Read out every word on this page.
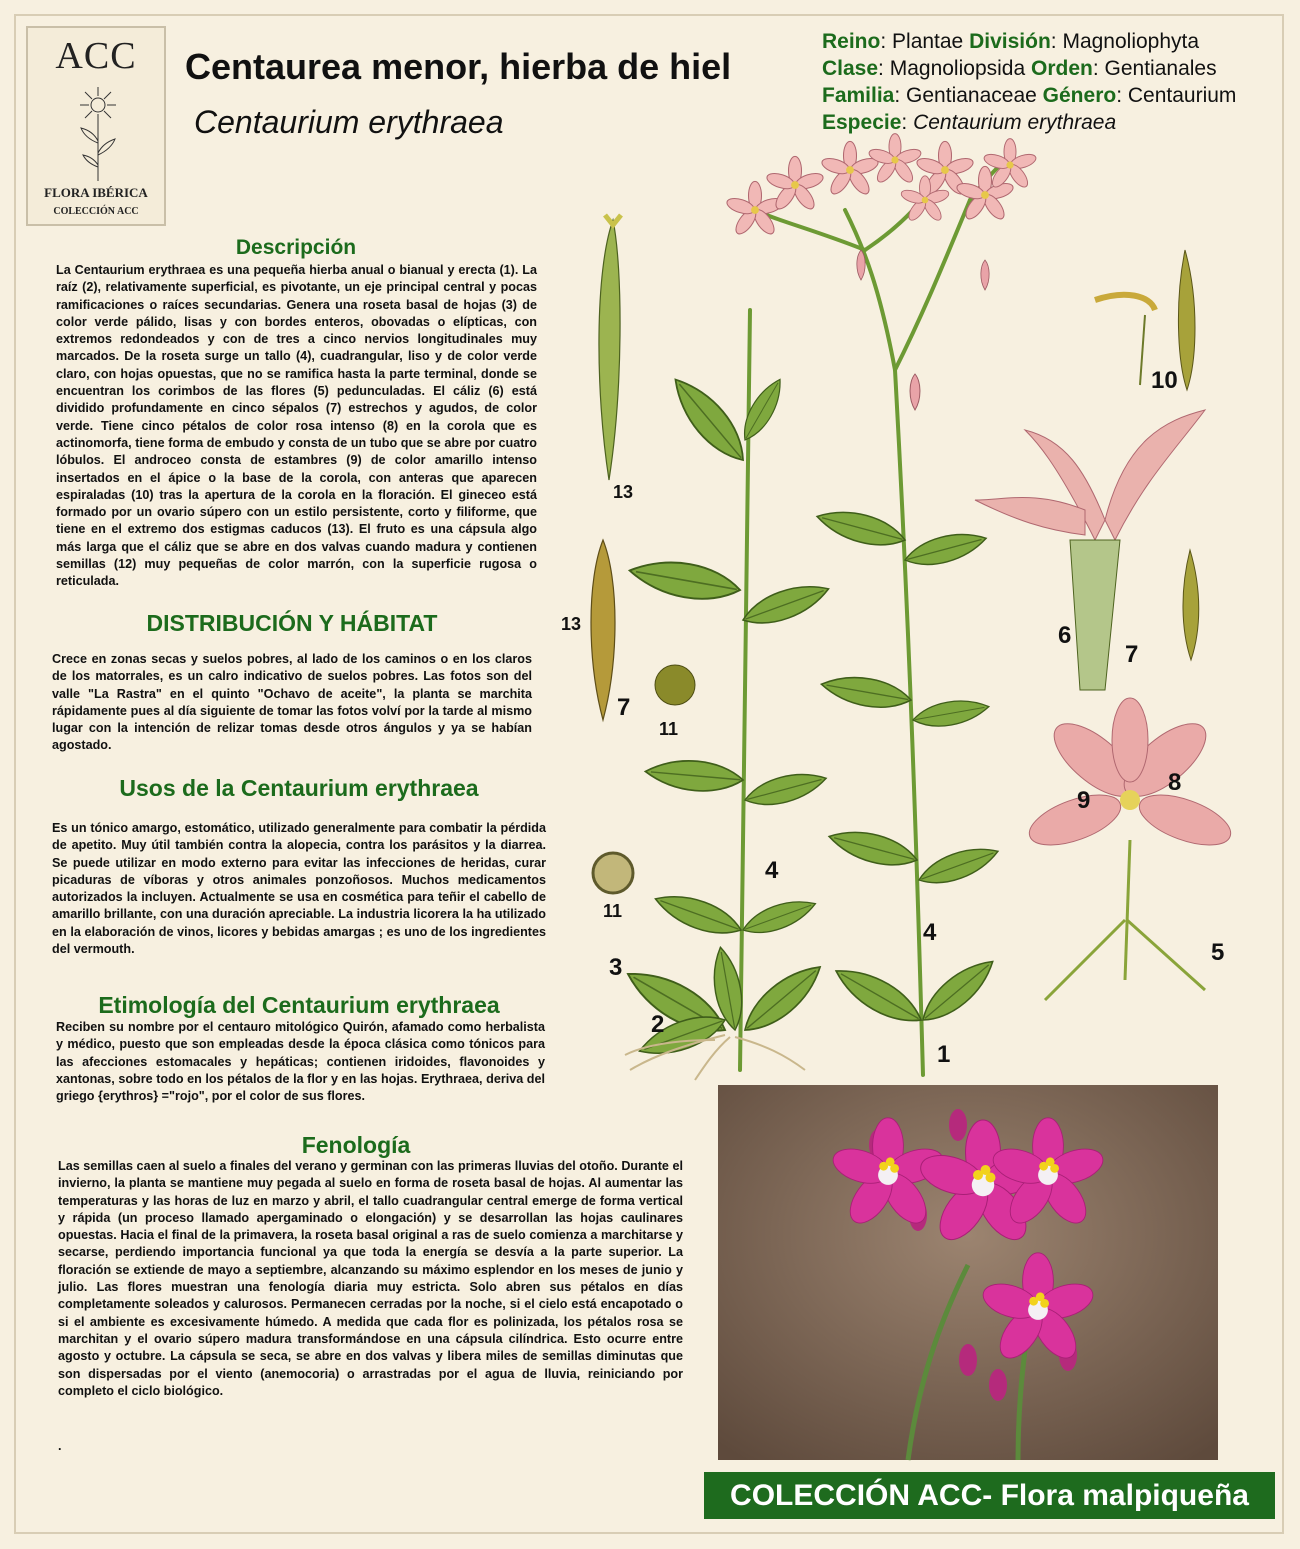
ACC
FLORA IBÉRICA
COLECCIÓN ACC
Centaurea menor, hierba de hiel
Centaurium erythraea
Reino: Plantae División: Magnoliophyta
Clase: Magnoliopsida Orden: Gentianales
Familia: Gentianaceae Género: Centaurium
Especie: Centaurium erythraea
Descripción
La Centaurium erythraea es una pequeña hierba anual o bianual y erecta (1). La raíz (2), relativamente superficial, es pivotante, un eje principal central y pocas ramificaciones o raíces secundarias. Genera una roseta basal de hojas (3) de color verde pálido, lisas y con bordes enteros, obovadas o elípticas, con extremos redondeados y con de tres a cinco nervios longitudinales muy marcados. De la roseta surge un tallo (4), cuadrangular, liso y de color verde claro, con hojas opuestas, que no se ramifica hasta la parte terminal, donde se encuentran los corimbos de las flores (5) pedunculadas. El cáliz (6) está dividido profundamente en cinco sépalos (7) estrechos y agudos, de color verde. Tiene cinco pétalos de color rosa intenso (8) en la corola que es actinomorfa, tiene forma de embudo y consta de un tubo que se abre por cuatro lóbulos. El androceo consta de estambres (9) de color amarillo intenso insertados en el ápice o la base de la corola, con anteras que aparecen espiraladas (10) tras la apertura de la corola en la floración. El gineceo está formado por un ovario súpero con un estilo persistente, corto y filiforme, que tiene en el extremo dos estigmas caducos (13). El fruto es una cápsula algo más larga que el cáliz que se abre en dos valvas cuando madura y contienen semillas (12) muy pequeñas de color marrón, con la superficie rugosa o reticulada.
DISTRIBUCIÓN Y HÁBITAT
Crece en zonas secas y suelos pobres, al lado de los caminos o en los claros de los matorrales, es un calro indicativo de suelos pobres. Las fotos son del valle "La Rastra" en el quinto "Ochavo de aceite", la planta se marchita rápidamente pues al día siguiente de tomar las fotos volví por la tarde al mismo lugar con la intención de relizar tomas desde otros ángulos y ya se habían agostado.
Usos de la Centaurium erythraea
Es un tónico amargo, estomático, utilizado generalmente para combatir la pérdida de apetito. Muy útil también contra la alopecia, contra los parásitos y la diarrea. Se puede utilizar en modo externo para evitar las infecciones de heridas, curar picaduras de víboras y otros animales ponzoñosos. Muchos medicamentos autorizados la incluyen. Actualmente se usa en cosmética para teñir el cabello de amarillo brillante, con una duración apreciable. La industria licorera la ha utilizado en la elaboración de vinos, licores y bebidas amargas ; es uno de los ingredientes del vermouth.
Etimología del Centaurium erythraea
Reciben su nombre por el centauro mitológico Quirón, afamado como herbalista y médico, puesto que son empleadas desde la época clásica como tónicos para las afecciones estomacales y hepáticas; contienen iridoides, flavonoides y xantonas, sobre todo en los pétalos de la flor y en las hojas. Erythraea, deriva del griego {erythros} ="rojo", por el color de sus flores.
Fenología
Las semillas caen al suelo a finales del verano y germinan con las primeras lluvias del otoño. Durante el invierno, la planta se mantiene muy pegada al suelo en forma de roseta basal de hojas. Al aumentar las temperaturas y las horas de luz en marzo y abril, el tallo cuadrangular central emerge de forma vertical y rápida (un proceso llamado apergaminado o elongación) y se desarrollan las hojas caulinares opuestas. Hacia el final de la primavera, la roseta basal original a ras de suelo comienza a marchitarse y secarse, perdiendo importancia funcional ya que toda la energía se desvía a la parte superior. La floración se extiende de mayo a septiembre, alcanzando su máximo esplendor en los meses de junio y julio. Las flores muestran una fenología diaria muy estricta. Solo abren sus pétalos en días completamente soleados y calurosos. Permanecen cerradas por la noche, si el cielo está encapotado o si el ambiente es excesivamente húmedo. A medida que cada flor es polinizada, los pétalos rosa se marchitan y el ovario súpero madura transformándose en una cápsula cilíndrica. Esto ocurre entre agosto y octubre. La cápsula se seca, se abre en dos valvas y libera miles de semillas diminutas que son dispersadas por el viento (anemocoria) o arrastradas por el agua de lluvia, reiniciando por completo el ciclo biológico.
.
1
2
3
4
4
5
6
7
7
8
9
10
11
11
13
13
COLECCIÓN ACC- Flora malpiqueña
